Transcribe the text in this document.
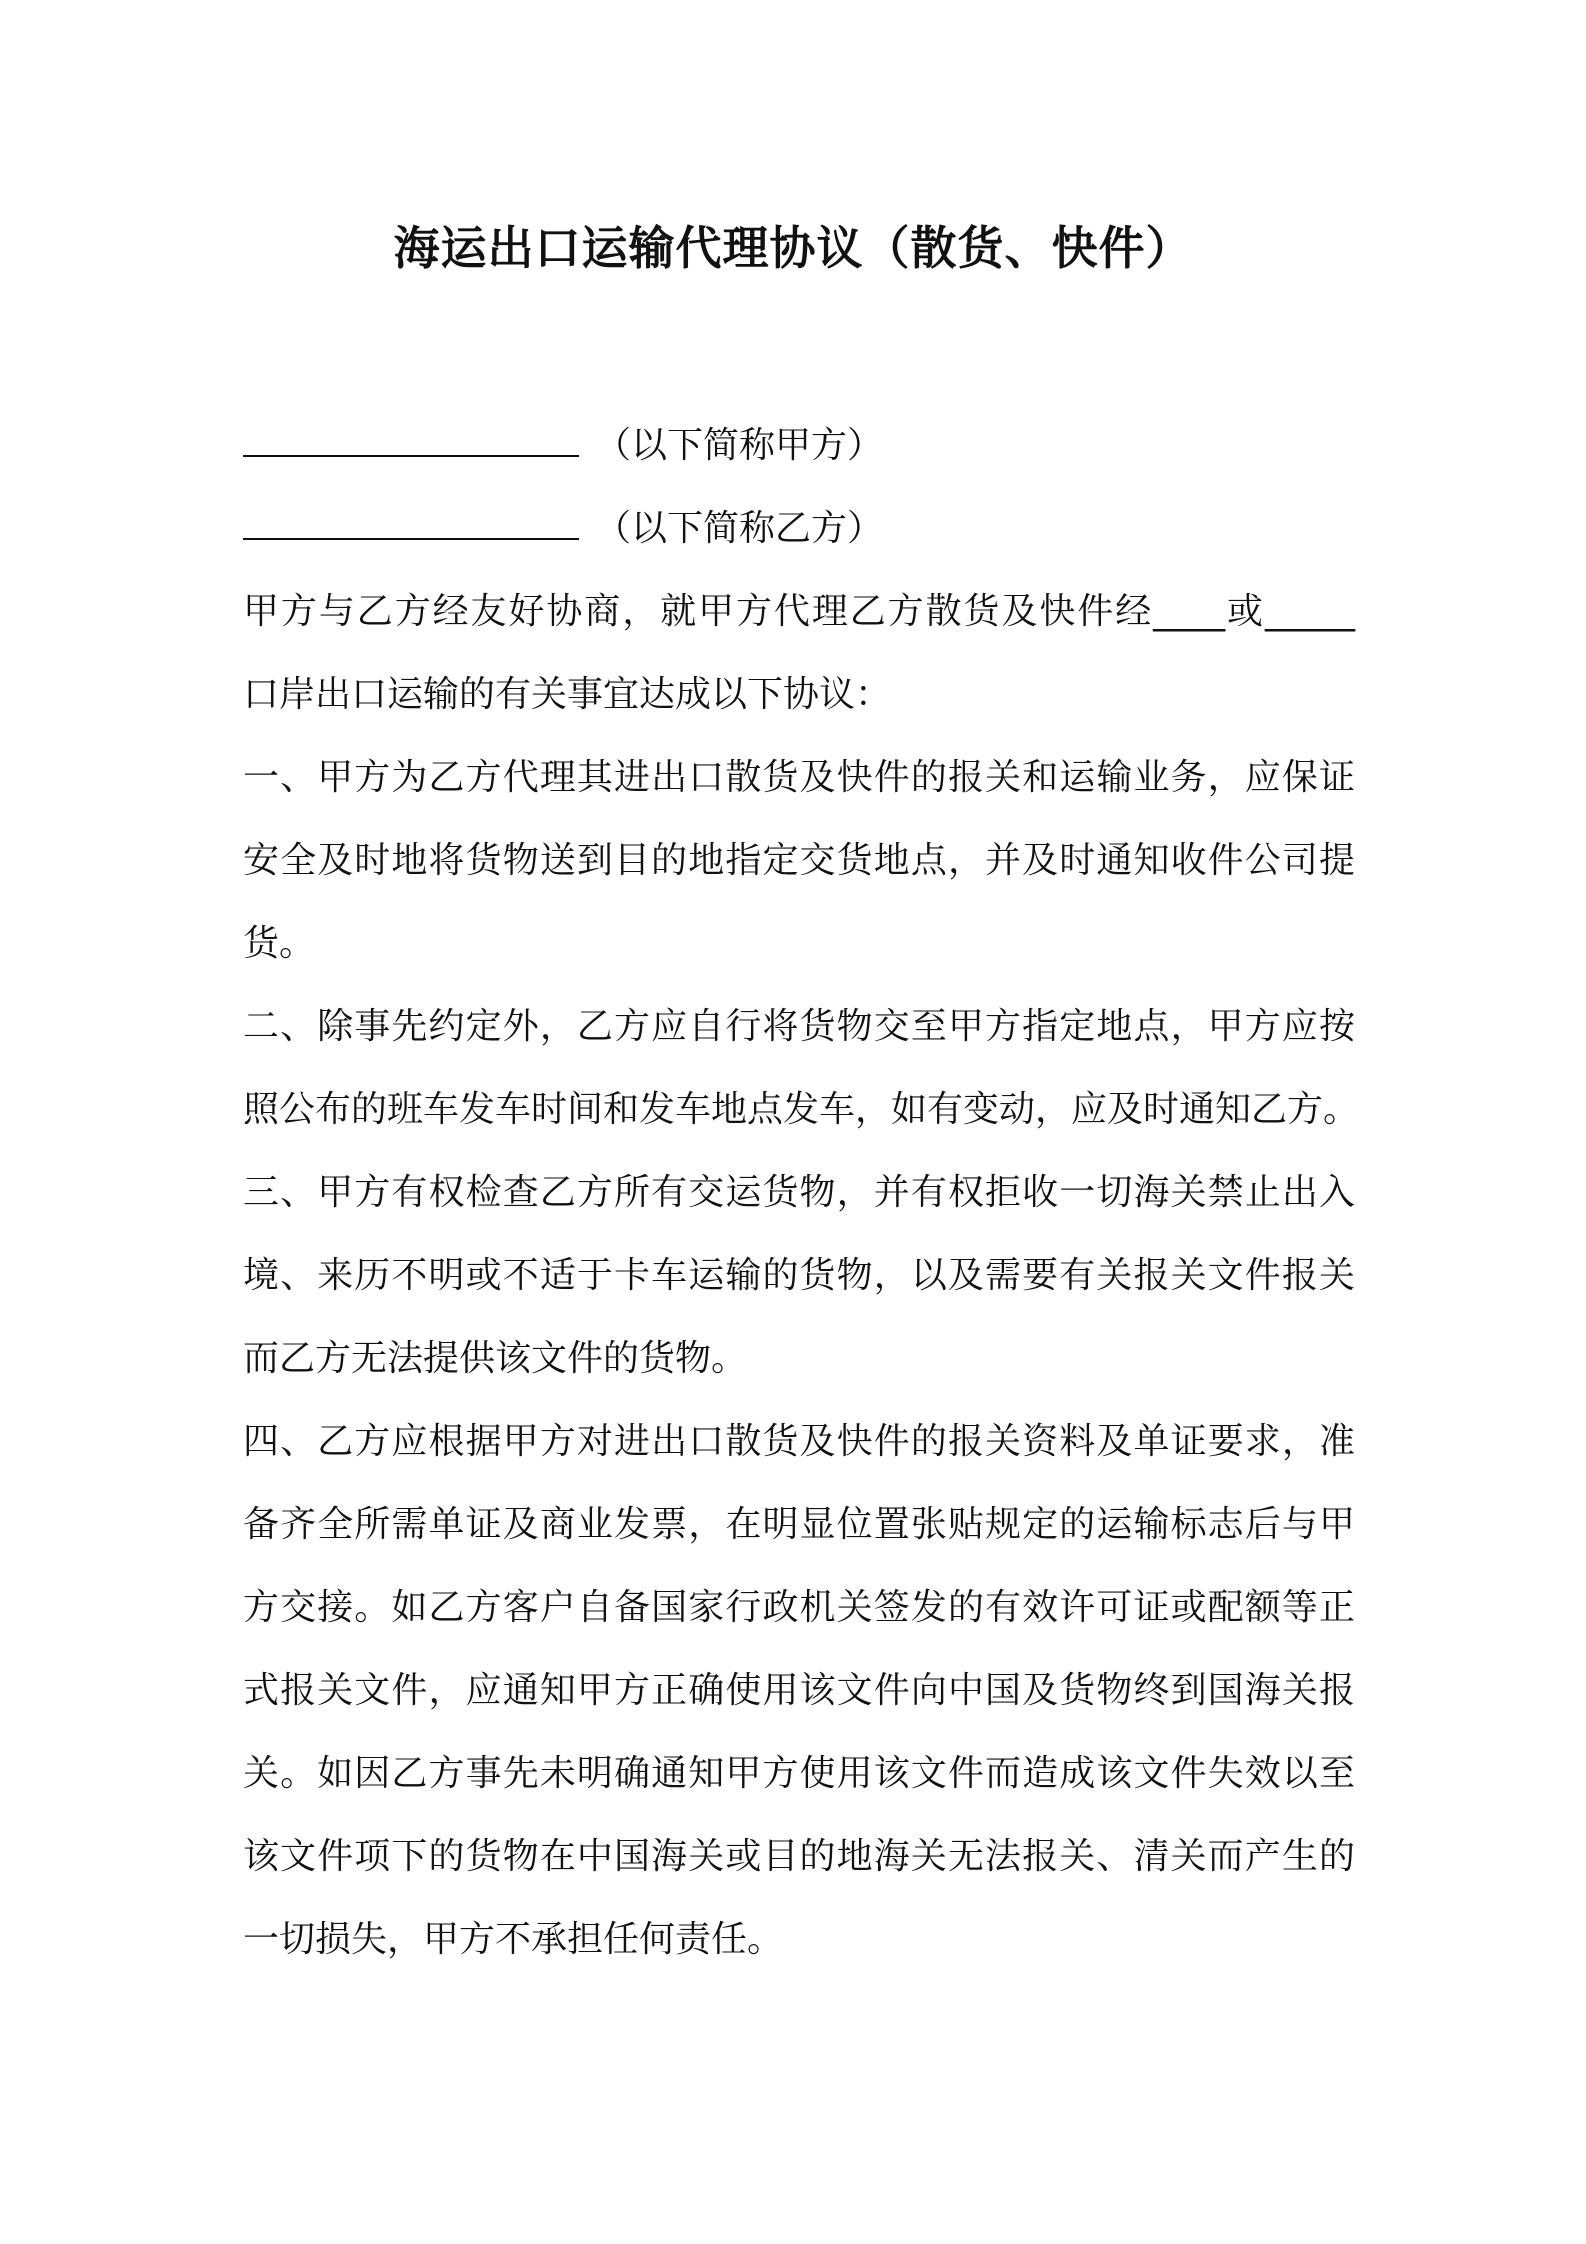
海运出口运输代理协议（散货、快件）
（以下简称甲方）
（以下简称乙方）
甲方与乙方经友好协商，就甲方代理乙方散货及快件经____或_____
口岸出口运输的有关事宜达成以下协议：
一、甲方为乙方代理其进出口散货及快件的报关和运输业务，应保证
安全及时地将货物送到目的地指定交货地点，并及时通知收件公司提
货。
二、除事先约定外，乙方应自行将货物交至甲方指定地点，甲方应按
照公布的班车发车时间和发车地点发车，如有变动，应及时通知乙方。
三、甲方有权检查乙方所有交运货物，并有权拒收一切海关禁止出入
境、来历不明或不适于卡车运输的货物，以及需要有关报关文件报关
而乙方无法提供该文件的货物。
四、乙方应根据甲方对进出口散货及快件的报关资料及单证要求，准
备齐全所需单证及商业发票，在明显位置张贴规定的运输标志后与甲
方交接。如乙方客户自备国家行政机关签发的有效许可证或配额等正
式报关文件，应通知甲方正确使用该文件向中国及货物终到国海关报
关。如因乙方事先未明确通知甲方使用该文件而造成该文件失效以至
该文件项下的货物在中国海关或目的地海关无法报关、清关而产生的
一切损失，甲方不承担任何责任。
